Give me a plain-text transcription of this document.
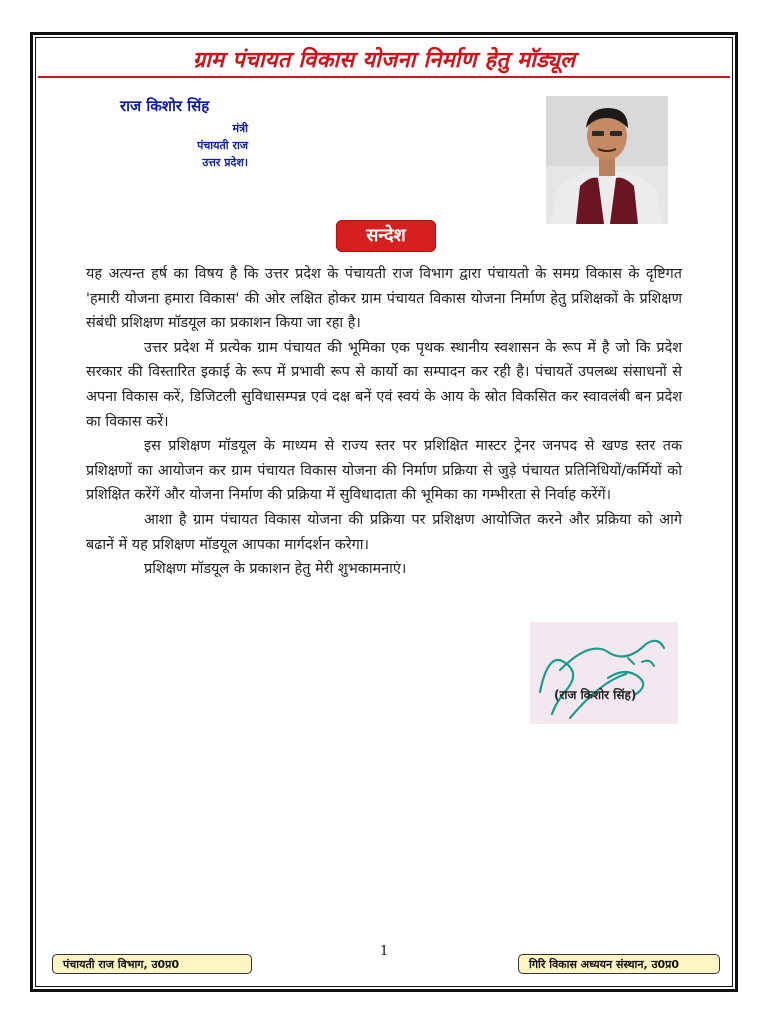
ग्राम पंचायत विकास योजना निर्माण हेतु मॉड्यूल
राज किशोर सिंह
मंत्री
पंचायती राज
उत्तर प्रदेश।
सन्देश

यह अत्यन्त हर्ष का विषय है कि उत्तर प्रदेश के पंचायती राज विभाग द्वारा पंचायतो के समग्र विकास के दृष्टिगत 'हमारी योजना हमारा विकास' की ओर लक्षित होकर ग्राम पंचायत विकास योजना निर्माण हेतु प्रशिक्षकों के प्रशिक्षण संबंधी प्रशिक्षण मॉडयूल का प्रकाशन किया जा रहा है।

उत्तर प्रदेश में प्रत्येक ग्राम पंचायत की भूमिका एक पृथक स्थानीय स्वशासन के रूप में है जो कि प्रदेश सरकार की विस्तारित इकाई के रूप में प्रभावी रूप से कार्यो का सम्पादन कर रही है। पंचायतें उपलब्ध संसाधनों से अपना विकास करें, डिजिटली सुविधासम्पन्न एवं दक्ष बनें एवं स्वयं के आय के स्रोत विकसित कर स्वावलंबी बन प्रदेश का विकास करें।

इस प्रशिक्षण मॉडयूल के माध्यम से राज्य स्तर पर प्रशिक्षित मास्टर ट्रेनर जनपद से खण्ड स्तर तक प्रशिक्षणों का आयोजन कर ग्राम पंचायत विकास योजना की निर्माण प्रक्रिया से जुड़े पंचायत प्रतिनिधियों/कर्मियों को प्रशिक्षित करेंगें और योजना निर्माण की प्रक्रिया में सुविधादाता की भूमिका का गम्भीरता से निर्वाह करेंगें।

आशा है ग्राम पंचायत विकास योजना की प्रक्रिया पर प्रशिक्षण आयोजित करने और प्रक्रिया को आगे बढानें में यह प्रशिक्षण मॉडयूल आपका मार्गदर्शन करेगा।

प्रशिक्षण मॉडयूल के प्रकाशन हेतु मेरी शुभकामनाएं।

(राज किशोर सिंह)
1
पंचायती राज विभाग, उ0प्र0	गिरि विकास अध्ययन संस्थान, उ0प्र0
